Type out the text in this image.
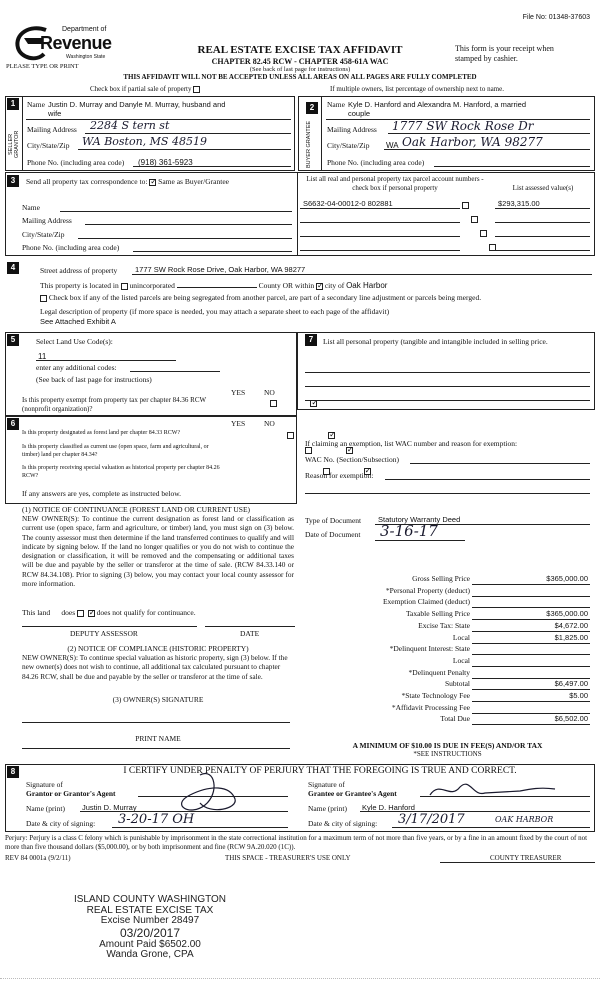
File No: 01348-37603
Department of
Revenue
Washington State
PLEASE TYPE OR PRINT
REAL ESTATE EXCISE TAX AFFIDAVIT
CHAPTER 82.45 RCW - CHAPTER 458-61A WAC
(See back of last page for instructions)
This form is your receipt when stamped by cashier.
THIS AFFIDAVIT WILL NOT BE ACCEPTED UNLESS ALL AREAS ON ALL PAGES ARE FULLY COMPLETED
Check box if partial sale of property	If multiple owners, list percentage of ownership next to name.
1
SELLER GRANTOR
Name Justin D. Murray and Danyle M. Murray, husband and
wife
Mailing Address 2284 S tern st
City/State/Zip WA Boston, MS 48519
Phone No. (including area code) (918) 361-5923
2
BUYER GRANTEE
Name Kyle D. Hanford and Alexandra M. Hanford, a married
couple
Mailing Address 1777 SW Rock Rose Dr
City/State/Zip WA Oak Harbor, WA 98277
Phone No. (including area code)
3	Send all property tax correspondence to: ✓ Same as Buyer/Grantee
Name
Mailing Address
City/State/Zip
Phone No. (including area code)
List all real and personal property tax parcel account numbers - check box if personal property	List assessed value(s)
S6632-04-00012-0 802881	$293,315.00

4	Street address of property 1777 SW Rock Rose Drive, Oak Harbor, WA 98277
This property is located in unincorporated	County OR within ✓ city of Oak Harbor
Check box if any of the listed parcels are being segregated from another parcel, are part of a secondary line adjustment or parcels being merged.
Legal description of property (if more space is needed, you may attach a separate sheet to each page of the affidavit)
See Attached Exhibit A
5	Select Land Use Code(s):
11
enter any additional codes:
(See back of last page for instructions)
YES	NO
Is this property exempt from property tax per chapter 84.36 RCW (nonprofit organization)?
✓
6	YES	NO
Is this property designated as forest land per chapter 84.33 RCW?
✓
Is this property classified as current use (open space, farm and agricultural, or timber) land per chapter 84.34?
✓
Is this property receiving special valuation as historical property per chapter 84.26 RCW?
✓
If any answers are yes, complete as instructed below.
(1) NOTICE OF CONTINUANCE (FOREST LAND OR CURRENT USE)
NEW OWNER(S): To continue the current designation as forest land or classification as current use (open space, farm and agriculture, or timber) land, you must sign on (3) below. The county assessor must then determine if the land transferred continues to qualify and will indicate by signing below. If the land no longer qualifies or you do not wish to continue the designation or classification, it will be removed and the compensating or additional taxes will be due and payable by the seller or transferor at the time of sale. (RCW 84.33.140 or RCW 84.34.108). Prior to signing (3) below, you may contact your local county assessor for more information.
This land does ✓	does not qualify for continuance.
DEPUTY ASSESSOR	DATE
(2) NOTICE OF COMPLIANCE (HISTORIC PROPERTY)
NEW OWNER(S): To continue special valuation as historic property, sign (3) below. If the new owner(s) does not wish to continue, all additional tax calculated pursuant to chapter 84.26 RCW, shall be due and payable by the seller or transferor at the time of sale.
(3) OWNER(S) SIGNATURE
PRINT NAME
7	List all personal property (tangible and intangible included in selling price.
If claiming an exemption, list WAC number and reason for exemption:
WAC No. (Section/Subsection)
Reason for exemption:
Type of Document Statutory Warranty Deed
Date of Document 3-16-17
Gross Selling Price	$365,000.00
*Personal Property (deduct)
Exemption Claimed (deduct)
Taxable Selling Price	$365,000.00
Excise Tax: State	$4,672.00
Local	$1,825.00
*Delinquent Interest: State
Local
*Delinquent Penalty
Subtotal	$6,497.00
*State Technology Fee	$5.00
*Affidavit Processing Fee
Total Due	$6,502.00
A MINIMUM OF $10.00 IS DUE IN FEE(S) AND/OR TAX
*SEE INSTRUCTIONS
8	I CERTIFY UNDER PENALTY OF PERJURY THAT THE FOREGOING IS TRUE AND CORRECT.
Signature of
Grantor or Grantor's Agent
Name (print) Justin D. Murray
Date & city of signing: 3-20-17 OH
Signature of
Grantee or Grantee's Agent
Name (print) Kyle D. Hanford
Date & city of signing: 3/17/2017	OAK HARBOR
Perjury: Perjury is a class C felony which is punishable by imprisonment in the state correctional institution for a maximum term of not more than five years, or by a fine in an amount fixed by the court of not more than five thousand dollars ($5,000.00), or by both imprisonment and fine (RCW 9A.20.020 (1C)).
REV 84 0001a (9/2/11)	THIS SPACE - TREASURER'S USE ONLY	COUNTY TREASURER
ISLAND COUNTY WASHINGTON
REAL ESTATE EXCISE TAX
Excise Number 28497
03/20/2017
Amount Paid $6502.00
Wanda Grone, CPA
